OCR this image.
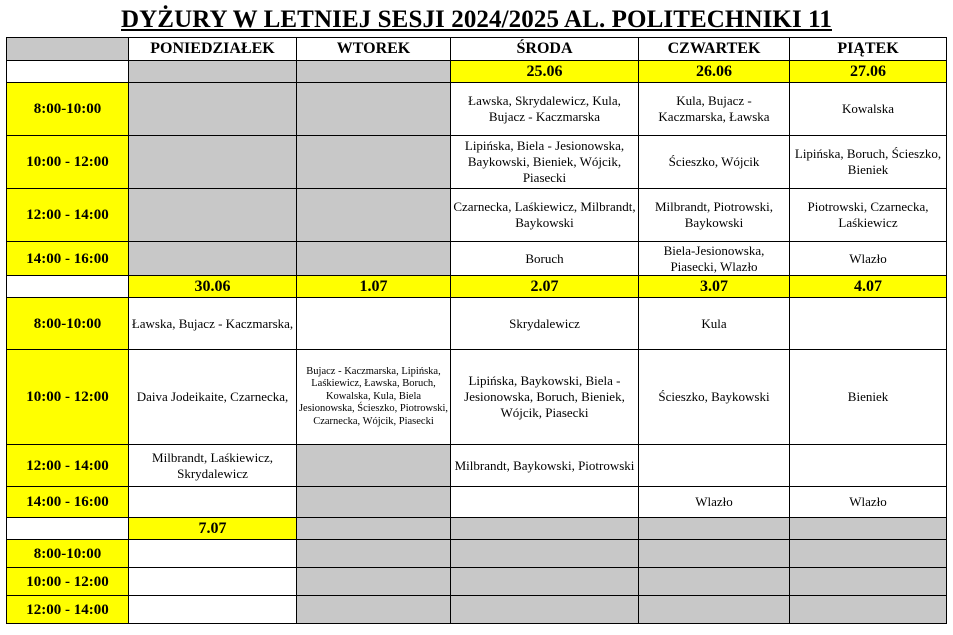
DYŻURY W LETNIEJ SESJI 2024/2025 AL. POLITECHNIKI 11
	PONIEDZIAŁEK	WTOREK	ŚRODA	CZWARTEK	PIĄTEK
			25.06	26.06	27.06
8:00-10:00			Ławska, Skrydalewicz, Kula, Bujacz - Kaczmarska	Kula, Bujacz - Kaczmarska, Ławska	Kowalska
10:00 - 12:00			Lipińska, Biela - Jesionowska, Baykowski, Bieniek, Wójcik, Piasecki	Ścieszko, Wójcik	Lipińska, Boruch, Ścieszko, Bieniek
12:00 - 14:00			Czarnecka, Laśkiewicz, Milbrandt, Baykowski	Milbrandt, Piotrowski, Baykowski	Piotrowski, Czarnecka, Laśkiewicz
14:00 - 16:00			Boruch	Biela-Jesionowska, Piasecki, Wlazło	Wlazło
	30.06	1.07	2.07	3.07	4.07
8:00-10:00	Ławska, Bujacz - Kaczmarska,		Skrydalewicz	Kula	
10:00 - 12:00	Daiva Jodeikaite, Czarnecka,	Bujacz - Kaczmarska, Lipińska, Laśkiewicz, Ławska, Boruch, Kowalska, Kula, Biela Jesionowska, Ścieszko, Piotrowski, Czarnecka, Wójcik, Piasecki	Lipińska, Baykowski, Biela - Jesionowska, Boruch, Bieniek, Wójcik, Piasecki	Ścieszko, Baykowski	Bieniek
12:00 - 14:00	Milbrandt, Laśkiewicz, Skrydalewicz		Milbrandt, Baykowski, Piotrowski		
14:00 - 16:00				Wlazło	Wlazło
	7.07				
8:00-10:00					
10:00 - 12:00					
12:00 - 14:00					
